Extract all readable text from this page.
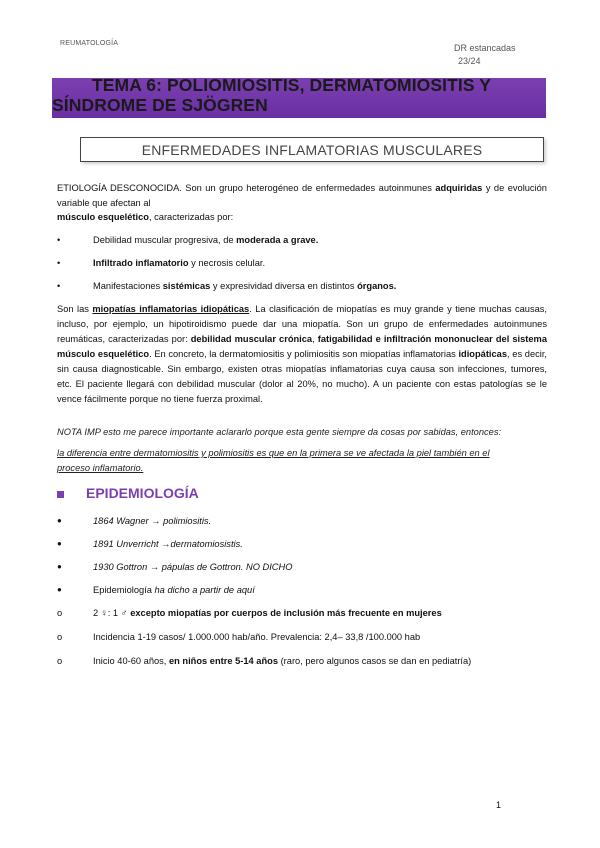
REUMATOLOGÍA	DR estancadas
23/24
TEMA 6: POLIOMIOSITIS, DERMATOMIOSITIS Y
SÍNDROME DE SJÖGREN
ENFERMEDADES INFLAMATORIAS MUSCULARES
ETIOLOGÍA DESCONOCIDA. Son un grupo heterogéneo de enfermedades autoinmunes adquiridas y de evolución variable que afectan al
músculo esquelético, caracterizadas por:
•	Debilidad muscular progresiva, de moderada a grave.
•	Infiltrado inflamatorio y necrosis celular.
•	Manifestaciones sistémicas y expresividad diversa en distintos órganos.
Son las miopatías inflamatorias idiopáticas. La clasificación de miopatías es muy grande y tiene muchas causas, incluso, por ejemplo, un hipotiroidismo puede dar una miopatía. Son un grupo de enfermedades autoinmunes reumáticas, caracterizadas por: debilidad muscular crónica, fatigabilidad e infiltración mononuclear del sistema músculo esquelético. En concreto, la dermatomiositis y polimiositis son miopatías inflamatorias idiopáticas, es decir, sin causa diagnosticable. Sin embargo, existen otras miopatías inflamatorias cuya causa son infecciones, tumores, etc. El paciente llegará con debilidad muscular (dolor al 20%, no mucho). A un paciente con estas patologías se le vence fácilmente porque no tiene fuerza proximal.
NOTA IMP esto me parece importante aclararlo porque esta gente siempre da cosas por sabidas, entonces:
la diferencia entre dermatomiositis y polimiositis es que en la primera se ve afectada la piel también en el
proceso inflamatorio.
EPIDEMIOLOGÍA
●	1864 Wagner → polimiositis.
●	1891 Unverricht →dermatomiosistis.
●	1930 Gottron → pápulas de Gottron. NO DICHO
●	Epidemiología ha dicho a partir de aquí
o	2 ♀: 1 ♂ excepto miopatías por cuerpos de inclusión más frecuente en mujeres
o	Incidencia 1-19 casos/ 1.000.000 hab/año. Prevalencia: 2,4– 33,8 /100.000 hab
o	Inicio 40-60 años, en niños entre 5-14 años (raro, pero algunos casos se dan en pediatría)
1
